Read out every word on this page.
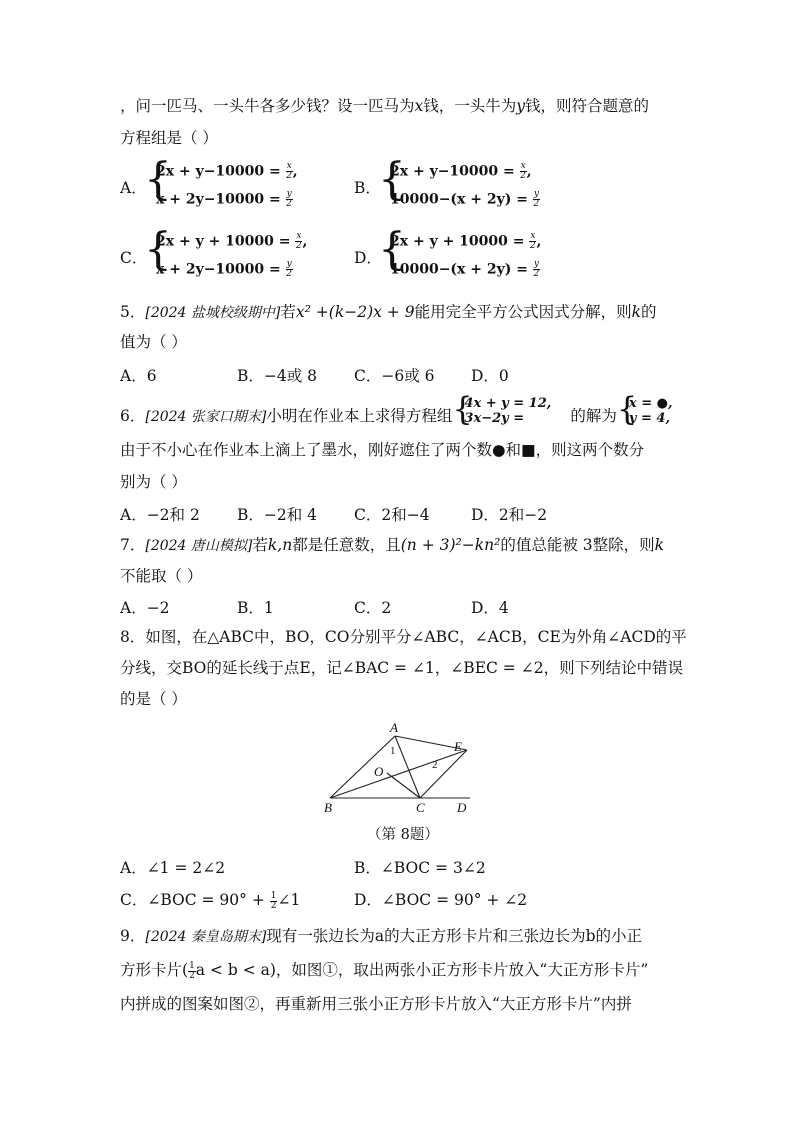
，问一匹马、一头牛各多少钱？设一匹马为x钱，一头牛为y钱，则符合题意的
方程组是（ ）
A．
{
$2x + y-10000 = \frac{x}{2}$ ,
$x + 2y-10000 = \frac{y}{2}$
B．
{
$2x + y-10000 = \frac{x}{2}$ ,
$10000-(x + 2y) = \frac{y}{2}$
C．
{
$2x + y + 10000 = \frac{x}{2}$ ,
$x + 2y-10000 = \frac{y}{2}$
D．
{
$2x + y + 10000 = \frac{x}{2}$ ,
$10000-(x + 2y) = \frac{y}{2}$
5．[2024 盐城校级期中]若x² +(k−2)x + 9能用完全平方公式因式分解，则k的
值为（ ）
A．6	B．−4或 8 C．−6或 6 D．0
6．[2024 张家口期末]小明在作业本上求得方程组 {
4x + y = 12,
3x−2y =	的解为 {
x = ●,
y = 4,
由于不小心在作业本上滴上了墨水，刚好遮住了两个数●和■，则这两个数分
别为（ ）
A．−2和 2 B．−2和 4 C．2和−4	D．2和−2
7．[2024 唐山模拟]若k,n都是任意数，且(n + 3)²−kn²的值总能被 3整除，则k
不能取（ ）
A．−2	B．1	C．2	D．4
8．如图，在△ABC中，BO，CO分别平分∠ABC，∠ACB，CE为外角∠ACD的平
分线，交BO的延长线于点E，记∠BAC = ∠1，∠BEC = ∠2，则下列结论中错误
的是（ ）
A
B	C D
E
O
1
2
（第 8题）
A．∠1 = 2∠2	B．∠BOC = 3∠2
C．∠BOC = $90^\circ + \frac{1}{2}$ ∠1	D．∠BOC = 90° + ∠2
9．[2024 秦皇岛期末]现有一张边长为a的大正方形卡片和三张边长为b的小正
方形卡片( $\frac{1}{2}$ a < b < a)，如图①，取出两张小正方形卡片放入“大正方形卡片”
内拼成的图案如图②，再重新用三张小正方形卡片放入“大正方形卡片”内拼
